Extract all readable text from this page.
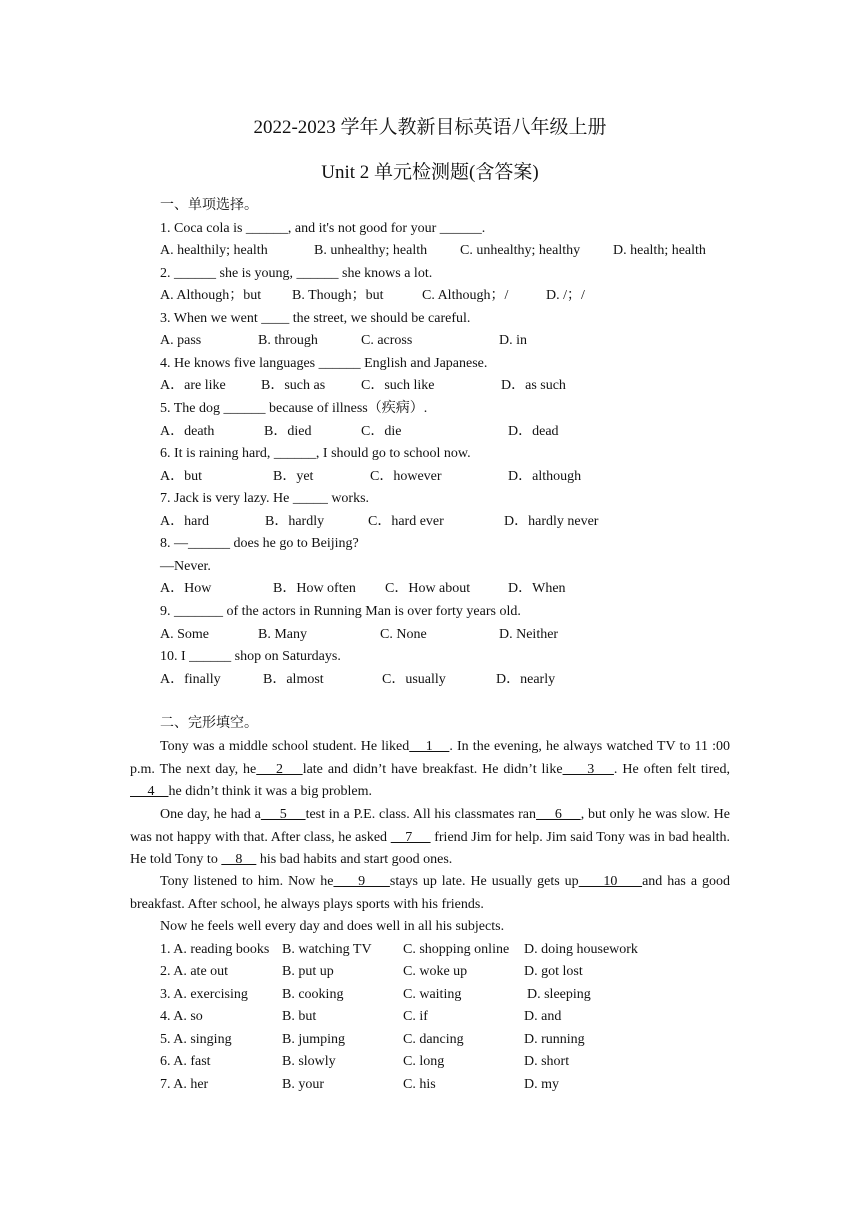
2022-2023 学年人教新目标英语八年级上册
Unit 2 单元检测题(含答案)
一、单项选择。
1. Coca cola is ______, and it's not good for your ______.
A. healthily; health	B. unhealthy; health C. unhealthy; healthy D. health; health
2. ______ she is young, ______ she knows a lot.
A. Although；but B. Though；but	C. Although；/	D. /；/
3. When we went ____ the street, we should be careful.
A. pass	B. through	C. across	D. in
4. He knows five languages ______ English and Japanese.
A．are like	B．such as	C．such like	D．as such
5. The dog ______ because of illness（疾病）.
A．death	B．died	C．die	D．dead
6. It is raining hard, ______, I should go to school now.
A．but	B．yet	C．however	D．although
7. Jack is very lazy. He _____ works.
A．hard	B．hardly	C．hard ever	D．hardly never
8. —______ does he go to Beijing?
—Never.
A．How	B．How often C．How about	D．When
9. _______ of the actors in Running Man is over forty years old.
A. Some	B. Many	C. None	D. Neither
10. I ______ shop on Saturdays.
A．finally	B．almost	C．usually	D．nearly
二、完形填空。
Tony was a middle school student. He liked    1    . In the evening, he always watched TV to 11 :00 p.m. The next day, he    2    late and didn’t have breakfast. He didn’t like     3    . He often felt tired,     4    he didn’t think it was a big problem.
One day, he had a     5     test in a P.E. class. All his classmates ran     6     , but only he was slow. He was not happy with that. After class, he asked     7      friend Jim for help. Jim said Tony was in bad health. He told Tony to     8     his bad habits and start good ones.
Tony listened to him. Now he     9     stays up late. He usually gets up     10     and has a good breakfast. After school, he always plays sports with his friends.
Now he feels well every day and does well in all his subjects.
1. A. reading books B. watching TV C. shopping online D. doing housework
2. A. ate out	B. put up	C. woke up	D. got lost
3. A. exercising B. cooking	C. waiting	D. sleeping
4. A. so	B. but	C. if	D. and
5. A. singing	B. jumping	C. dancing	D. running
6. A. fast	B. slowly	C. long	D. short
7. A. her	B. your	C. his	D. my
